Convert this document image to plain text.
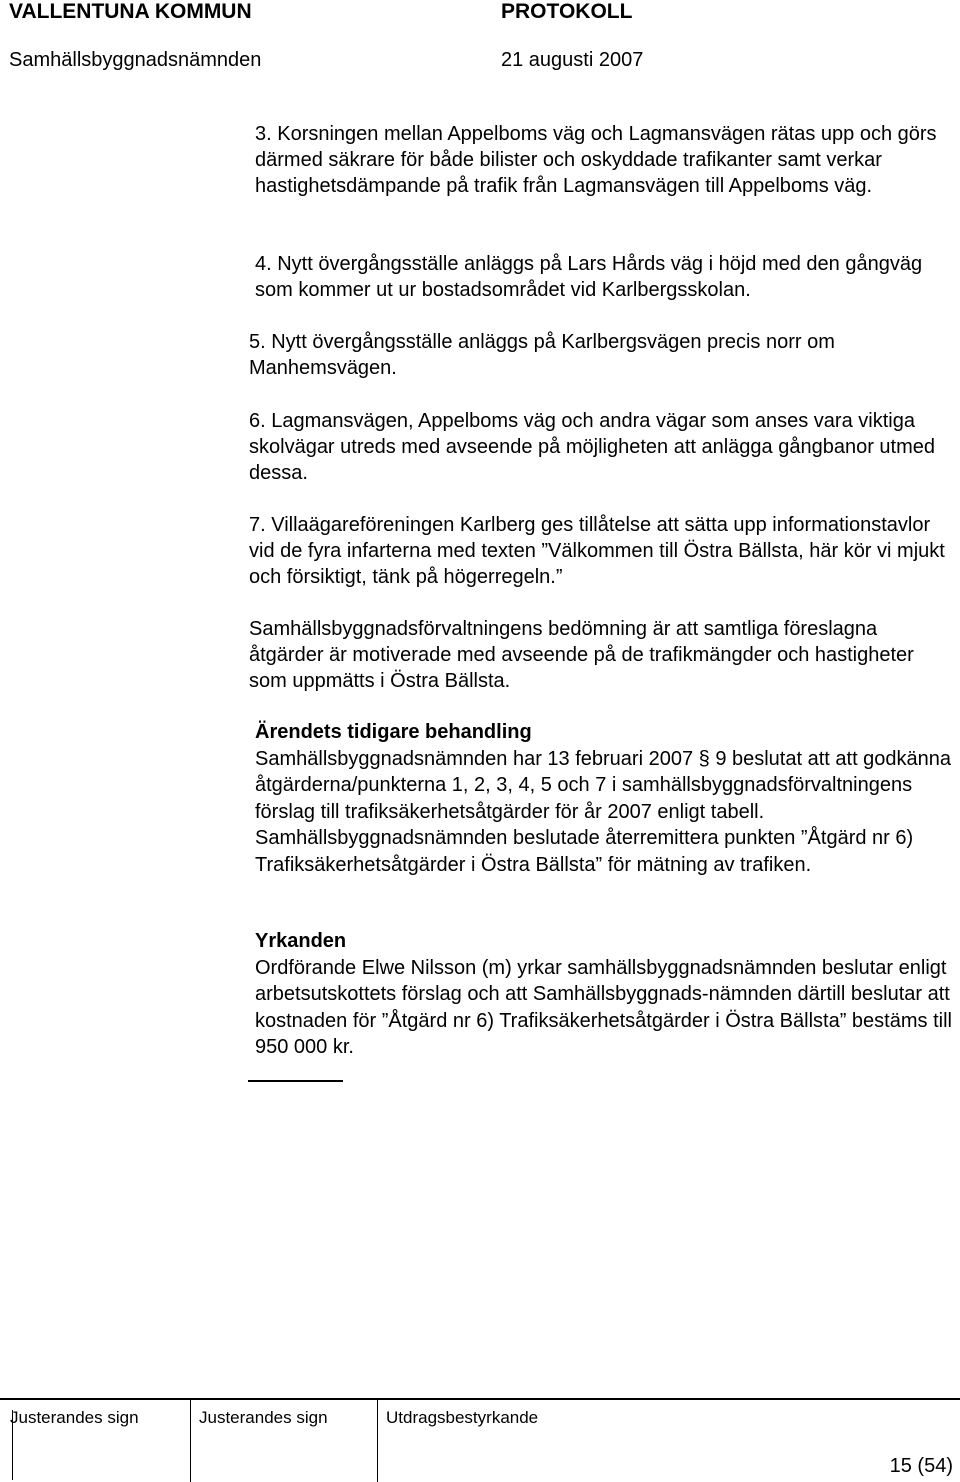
VALLENTUNA KOMMUN	PROTOKOLL
Samhällsbyggnadsnämnden	21 augusti 2007

3. Korsningen mellan Appelboms väg och Lagmansvägen rätas upp och görs därmed säkrare för både bilister och oskyddade trafikanter samt verkar hastighetsdämpande på trafik från Lagmansvägen till Appelboms väg.

4. Nytt övergångsställe anläggs på Lars Hårds väg i höjd med den gångväg som kommer ut ur bostadsområdet vid Karlbergsskolan.

5. Nytt övergångsställe anläggs på Karlbergsvägen precis norr om Manhemsvägen.

6. Lagmansvägen, Appelboms väg och andra vägar som anses vara viktiga skolvägar utreds med avseende på möjligheten att anlägga gångbanor utmed dessa.

7. Villaägareföreningen Karlberg ges tillåtelse att sätta upp informationstavlor vid de fyra infarterna med texten ”Välkommen till Östra Bällsta, här kör vi mjukt och försiktigt, tänk på högerregeln.”

Samhällsbyggnadsförvaltningens bedömning är att samtliga föreslagna åtgärder är motiverade med avseende på de trafikmängder och hastigheter som uppmätts i Östra Bällsta.

Ärendets tidigare behandling
Samhällsbyggnadsnämnden har 13 februari 2007 § 9 beslutat att att godkänna åtgärderna/punkterna 1, 2, 3, 4, 5 och 7 i samhällsbyggnadsförvaltningens förslag till trafiksäkerhetsåtgärder för år 2007 enligt tabell. Samhällsbyggnadsnämnden beslutade återremittera punkten ”Åtgärd nr 6) Trafiksäkerhetsåtgärder i Östra Bällsta” för mätning av trafiken.
Yrkanden
Ordförande Elwe Nilsson (m) yrkar samhällsbyggnadsnämnden beslutar enligt arbetsutskottets förslag och att Samhällsbyggnads-nämnden därtill beslutar att kostnaden för ”Åtgärd nr 6) Trafiksäkerhetsåtgärder i Östra Bällsta” bestäms till 950 000 kr.
Justerandes sign	Justerandes sign	Utdragsbestyrkande
15 (54)
